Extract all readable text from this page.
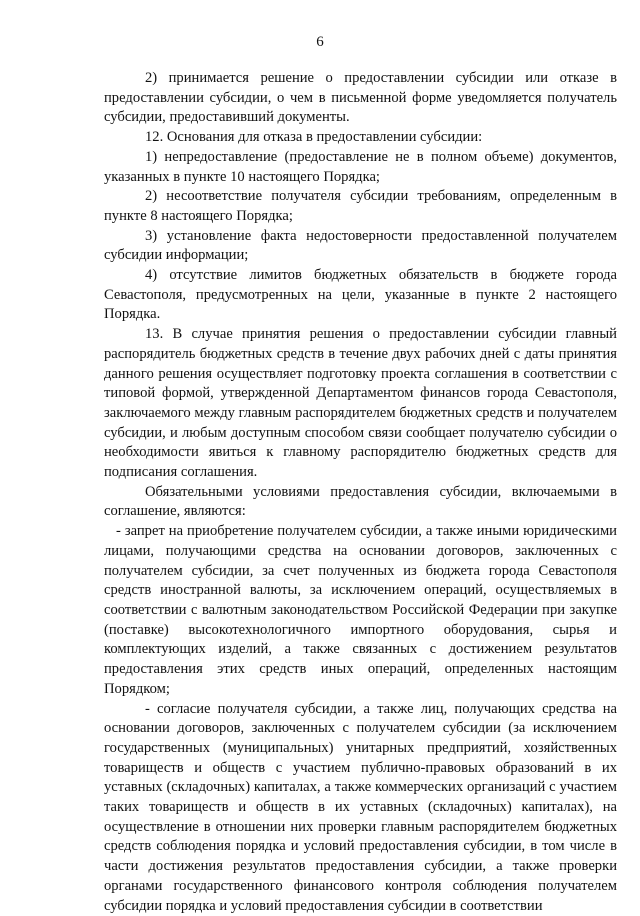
6

2) принимается решение о предоставлении субсидии или отказе в предоставлении субсидии, о чем в письменной форме уведомляется получатель субсидии, предоставивший документы.

12. Основания для отказа в предоставлении субсидии:

1) непредоставление (предоставление не в полном объеме) документов, указанных в пункте 10 настоящего Порядка;

2) несоответствие получателя субсидии требованиям, определенным в пункте 8 настоящего Порядка;

3) установление факта недостоверности предоставленной получателем субсидии информации;

4) отсутствие лимитов бюджетных обязательств в бюджете города Севастополя, предусмотренных на цели, указанные в пункте 2 настоящего Порядка.

13. В случае принятия решения о предоставлении субсидии главный распорядитель бюджетных средств в течение двух рабочих дней с даты принятия данного решения осуществляет подготовку проекта соглашения в соответствии с типовой формой, утвержденной Департаментом финансов города Севастополя, заключаемого между главным распорядителем бюджетных средств и получателем субсидии, и любым доступным способом связи сообщает получателю субсидии о необходимости явиться к главному распорядителю бюджетных средств для подписания соглашения.

Обязательными условиями предоставления субсидии, включаемыми в соглашение, являются:

- запрет на приобретение получателем субсидии, а также иными юридическими лицами, получающими средства на основании договоров, заключенных с получателем субсидии, за счет полученных из бюджета города Севастополя средств иностранной валюты, за исключением операций, осуществляемых в соответствии с валютным законодательством Российской Федерации при закупке (поставке) высокотехнологичного импортного оборудования, сырья и комплектующих изделий, а также связанных с достижением результатов предоставления этих средств иных операций, определенных настоящим Порядком;

- согласие получателя субсидии, а также лиц, получающих средства на основании договоров, заключенных с получателем субсидии (за исключением государственных (муниципальных) унитарных предприятий, хозяйственных товариществ и обществ с участием публично-правовых образований в их уставных (складочных) капиталах, а также коммерческих организаций с участием таких товариществ и обществ в их уставных (складочных) капиталах), на осуществление в отношении них проверки главным распорядителем бюджетных средств соблюдения порядка и условий предоставления субсидии, в том числе в части достижения результатов предоставления субсидии, а также проверки органами государственного финансового контроля соблюдения получателем субсидии порядка и условий предоставления субсидии в соответствии
